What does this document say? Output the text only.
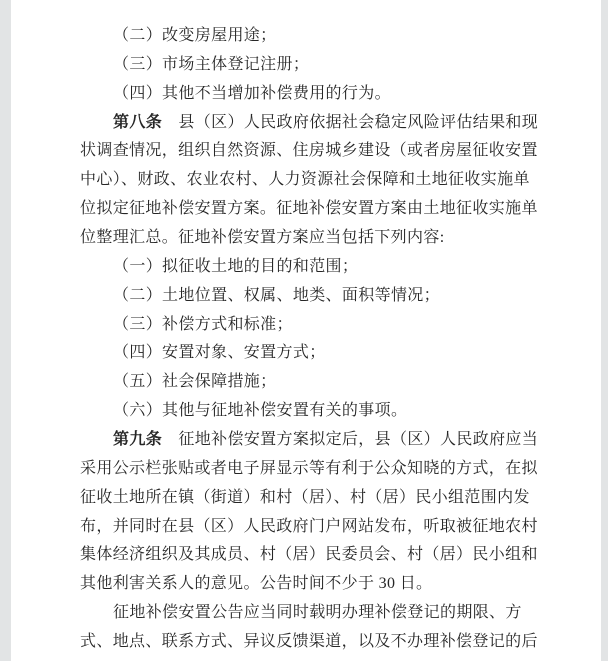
（二）改变房屋用途；
（三）市场主体登记注册；
（四）其他不当增加补偿费用的行为。
第八条　县（区）人民政府依据社会稳定风险评估结果和现
状调查情况，组织自然资源、住房城乡建设（或者房屋征收安置
中心）、财政、农业农村、人力资源社会保障和土地征收实施单
位拟定征地补偿安置方案。征地补偿安置方案由土地征收实施单
位整理汇总。征地补偿安置方案应当包括下列内容:
（一）拟征收土地的目的和范围；
（二）土地位置、权属、地类、面积等情况；
（三）补偿方式和标准；
（四）安置对象、安置方式；
（五）社会保障措施；
（六）其他与征地补偿安置有关的事项。
第九条　征地补偿安置方案拟定后，县（区）人民政府应当
采用公示栏张贴或者电子屏显示等有利于公众知晓的方式，在拟
征收土地所在镇（街道）和村（居）、村（居）民小组范围内发
布，并同时在县（区）人民政府门户网站发布，听取被征地农村
集体经济组织及其成员、村（居）民委员会、村（居）民小组和
其他利害关系人的意见。公告时间不少于 30 日。
征地补偿安置公告应当同时载明办理补偿登记的期限、方
式、地点、联系方式、异议反馈渠道，以及不办理补偿登记的后
